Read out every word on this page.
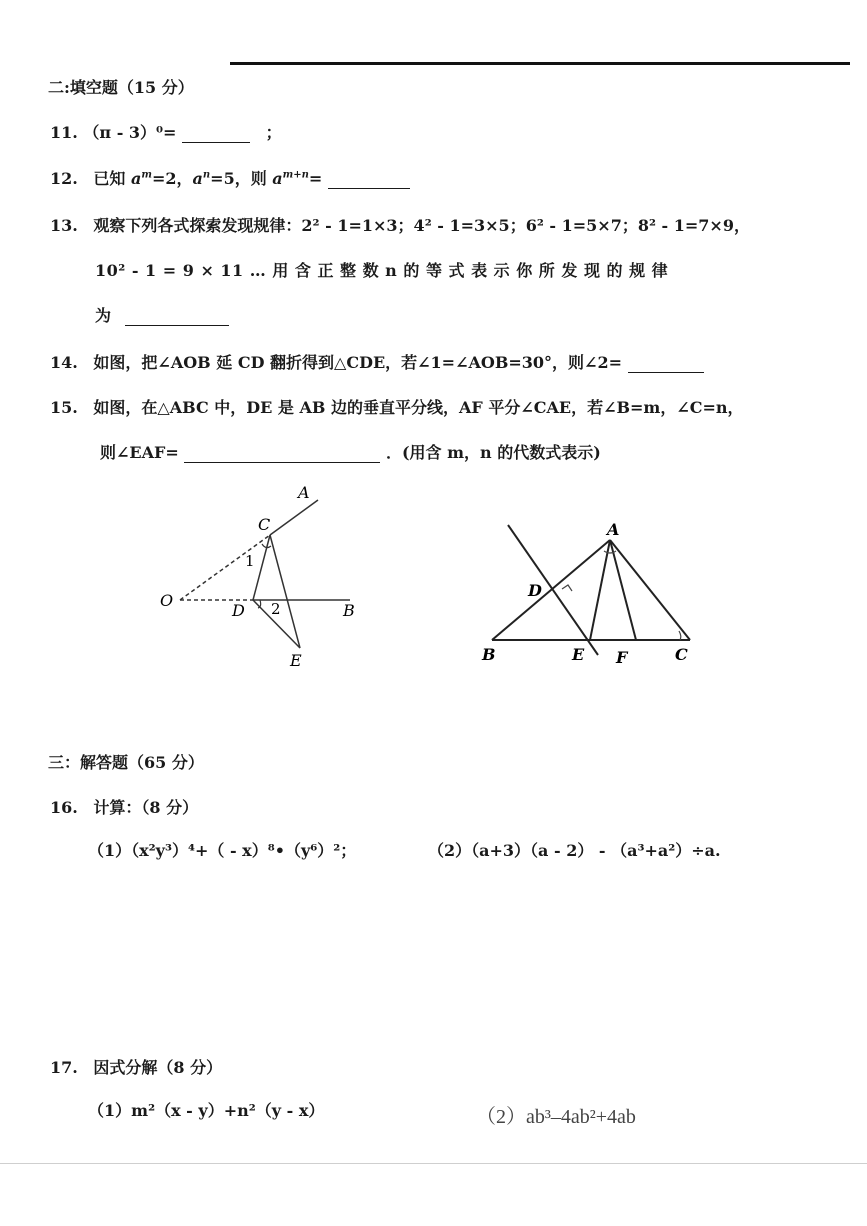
二:填空题（15 分）
11. （π - 3）⁰=	；
12. 已知 $a^m=2$，$a^n=5$，则 $a^{m+n}=$
13. 观察下列各式探索发现规律：2² - 1=1×3；4² - 1=3×5；6² - 1=5×7；8² - 1=7×9，
10² - 1 = 9 × 11 … 用 含 正 整 数 n 的 等 式 表 示 你 所 发 现 的 规 律
为
14. 如图，把∠AOB 延 CD 翻折得到△CDE，若∠1=∠AOB=30°，则∠2=
15. 如图，在△ABC 中，DE 是 AB 边的垂直平分线，AF 平分∠CAE，若∠B=m，∠C=n，
则∠EAF=	．(用含 m，n 的代数式表示)
A
C
O
D	B
E
1
2
A
D
B	E F	C
三：解答题（65 分）
16. 计算：（8 分）
（1）（x²y³）⁴+（ - x）⁸•（y⁶）²；	（2）（a+3）（a - 2） - （a³+a²）÷a.
17. 因式分解（8 分）
（1）m²（x - y）+n²（y - x）	（2）ab³–4ab²+4ab
